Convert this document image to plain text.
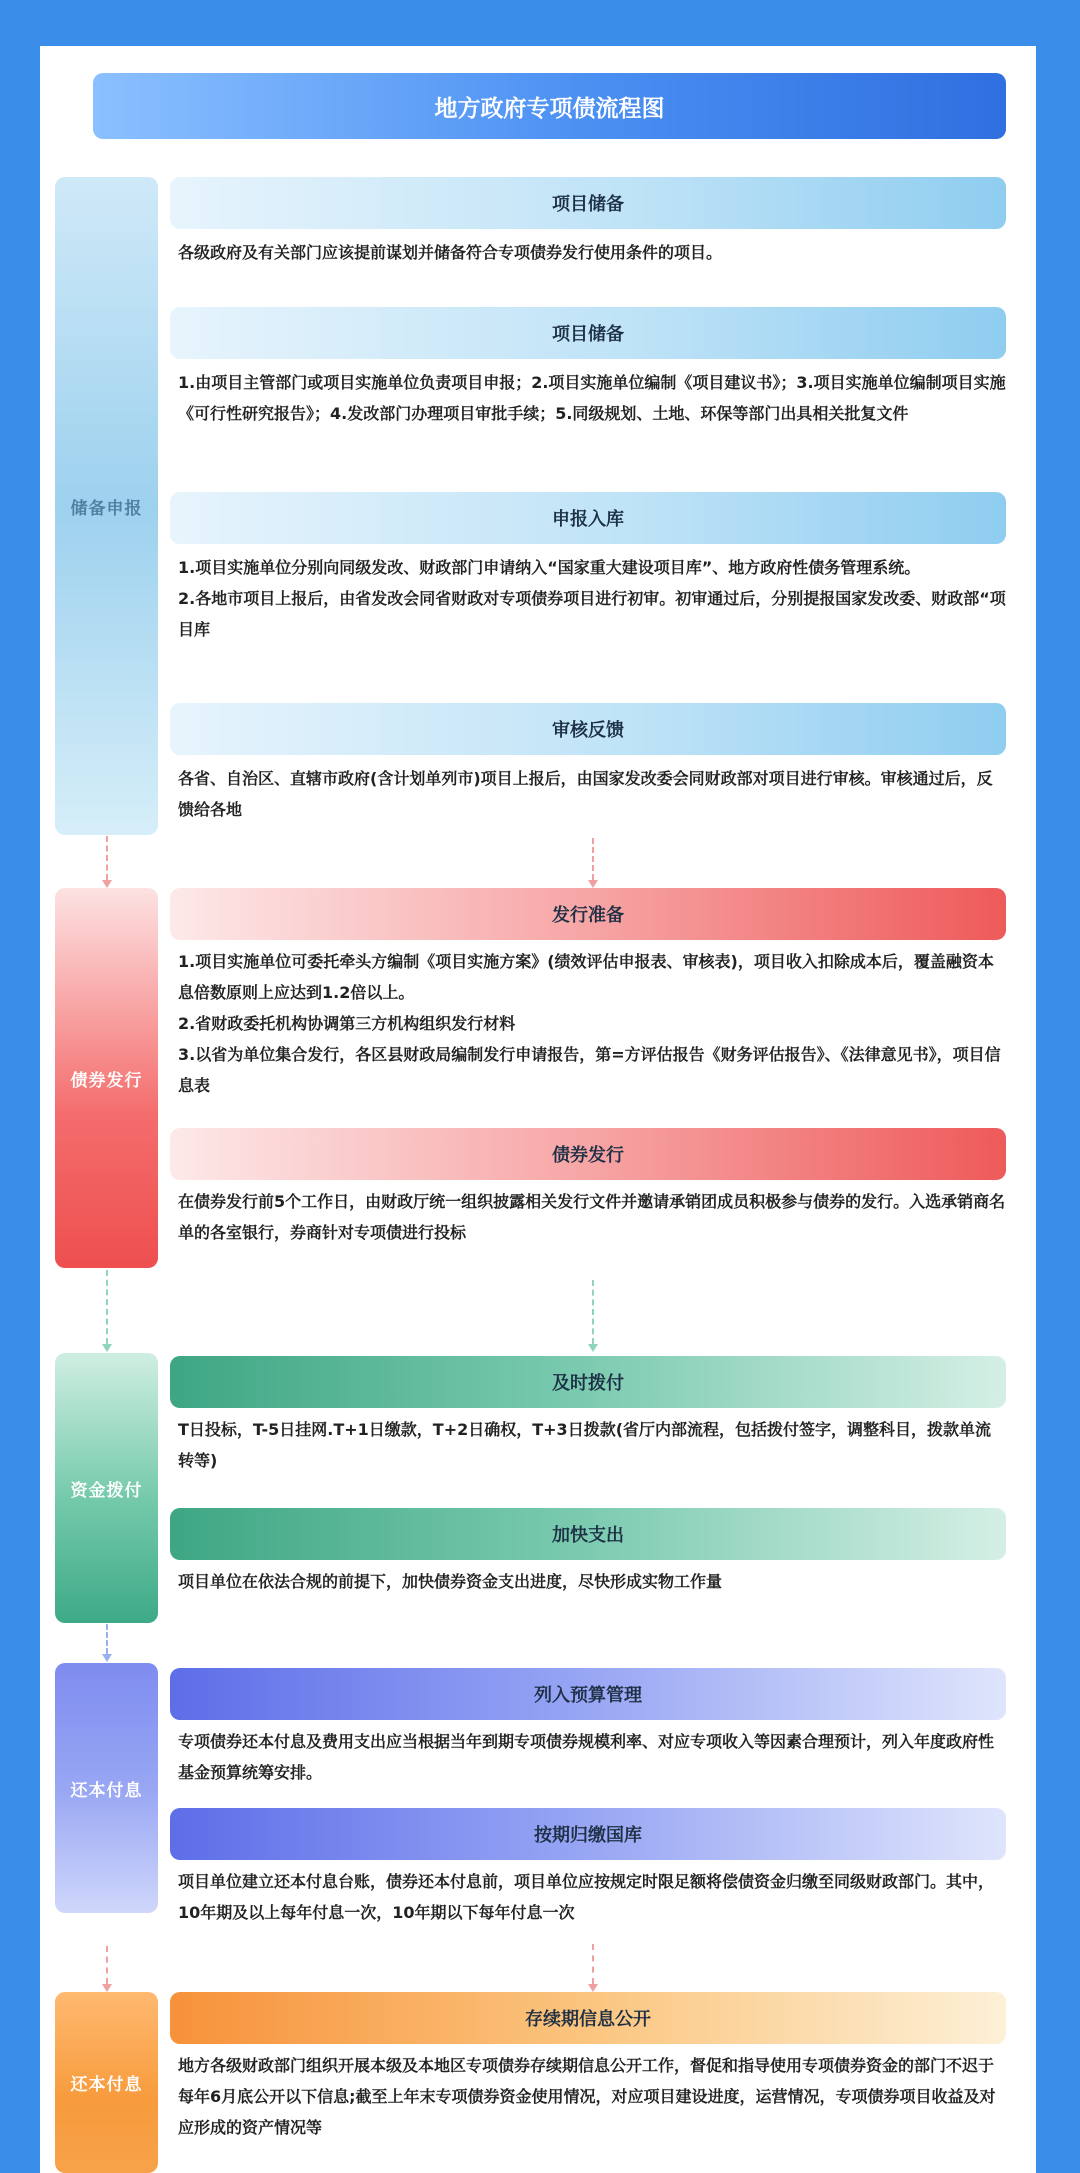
地方政府专项债流程图
储备申报
债券发行
资金拨付
还本付息
还本付息
项目储备

各级政府及有关部门应该提前谋划并储备符合专项债券发行使用条件的项目。

项目储备

1.由项目主管部门或项目实施单位负责项目申报；2.项目实施单位编制《项目建议书》；3.项目实施单位编制项目实施《可行性研究报告》；4.发改部门办理项目审批手续；5.同级规划、土地、环保等部门出具相关批复文件

申报入库

1.项目实施单位分别向同级发改、财政部门申请纳入“国家重大建设项目库”、地方政府性债务管理系统。

2.各地市项目上报后，由省发改会同省财政对专项债券项目进行初审。初审通过后，分别提报国家发改委、财政部“项目库

审核反馈

各省、自治区、直辖市政府(含计划单列市)项目上报后，由国家发改委会同财政部对项目进行审核。审核通过后，反馈给各地

发行准备

1.项目实施单位可委托牵头方编制《项目实施方案》(绩效评估申报表、审核表)，项目收入扣除成本后，覆盖融资本息倍数原则上应达到1.2倍以上。

2.省财政委托机构协调第三方机构组织发行材料

3.以省为单位集合发行，各区县财政局编制发行申请报告，第=方评估报告《财务评估报告》、《法律意见书》，项目信息表

债券发行

在债券发行前5个工作日，由财政厅统一组织披露相关发行文件并邀请承销团成员积极参与债券的发行。入选承销商名单的各室银行，券商针对专项债进行投标

及时拨付

T日投标，T-5日挂网.T+1日缴款，T+2日确权，T+3日拨款(省厅内部流程，包括拨付签字，调整科目，拨款单流转等)

加快支出

项目单位在依法合规的前提下，加快债券资金支出进度，尽快形成实物工作量

列入预算管理

专项债券还本付息及费用支出应当根据当年到期专项债券规模利率、对应专项收入等因素合理预计，列入年度政府性基金预算统筹安排。

按期归缴国库

项目单位建立还本付息台账，债券还本付息前，项目单位应按规定时限足额将偿债资金归缴至同级财政部门。其中，10年期及以上每年付息一次，10年期以下每年付息一次

存续期信息公开

地方各级财政部门组织开展本级及本地区专项债券存续期信息公开工作，督促和指导使用专项债券资金的部门不迟于每年6月底公开以下信息;截至上年末专项债券资金使用情况，对应项目建设进度，运营情况，专项债券项目收益及对应形成的资产情况等
